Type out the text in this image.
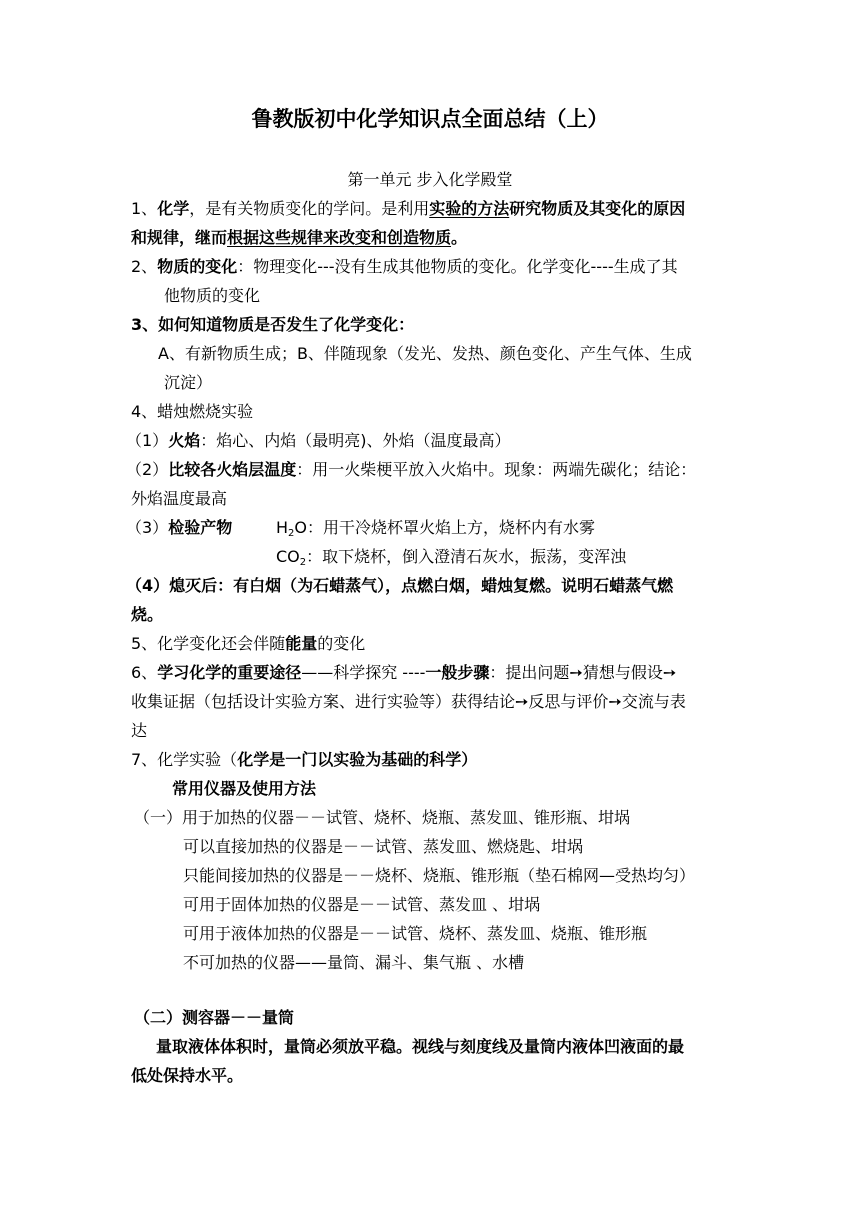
鲁教版初中化学知识点全面总结（上）
第一单元 步入化学殿堂
1、化学，是有关物质变化的学问。是利用实验的方法研究物质及其变化的原因
和规律，继而根据这些规律来改变和创造物质。
2、物质的变化：物理变化---没有生成其他物质的变化。化学变化----生成了其
他物质的变化
3、如何知道物质是否发生了化学变化：
A、有新物质生成；B、伴随现象（发光、发热、颜色变化、产生气体、生成
沉淀）
4、蜡烛燃烧实验
（1）火焰：焰心、内焰（最明亮)、外焰（温度最高）
（2）比较各火焰层温度：用一火柴梗平放入火焰中。现象：两端先碳化；结论：
外焰温度最高
（3）检验产物	$H_2O$：用干冷烧杯罩火焰上方，烧杯内有水雾
$CO_2$：取下烧杯，倒入澄清石灰水，振荡，变浑浊
（4）熄灭后：有白烟（为石蜡蒸气），点燃白烟，蜡烛复燃。说明石蜡蒸气燃
烧。
5、化学变化还会伴随能量的变化
6、学习化学的重要途径——科学探究 ----一般步骤：提出问题➙猜想与假设➙
收集证据（包括设计实验方案、进行实验等）获得结论➙反思与评价➙交流与表
达
7、化学实验（化学是一门以实验为基础的科学）
常用仪器及使用方法
（一）用于加热的仪器－－试管、烧杯、烧瓶、蒸发皿、锥形瓶、坩埚
可以直接加热的仪器是－－试管、蒸发皿、燃烧匙、坩埚
只能间接加热的仪器是－－烧杯、烧瓶、锥形瓶（垫石棉网—受热均匀）
可用于固体加热的仪器是－－试管、蒸发皿 、坩埚
可用于液体加热的仪器是－－试管、烧杯、蒸发皿、烧瓶、锥形瓶
不可加热的仪器——量筒、漏斗、集气瓶 、水槽
（二）测容器－－量筒
量取液体体积时，量筒必须放平稳。视线与刻度线及量筒内液体凹液面的最
低处保持水平。
